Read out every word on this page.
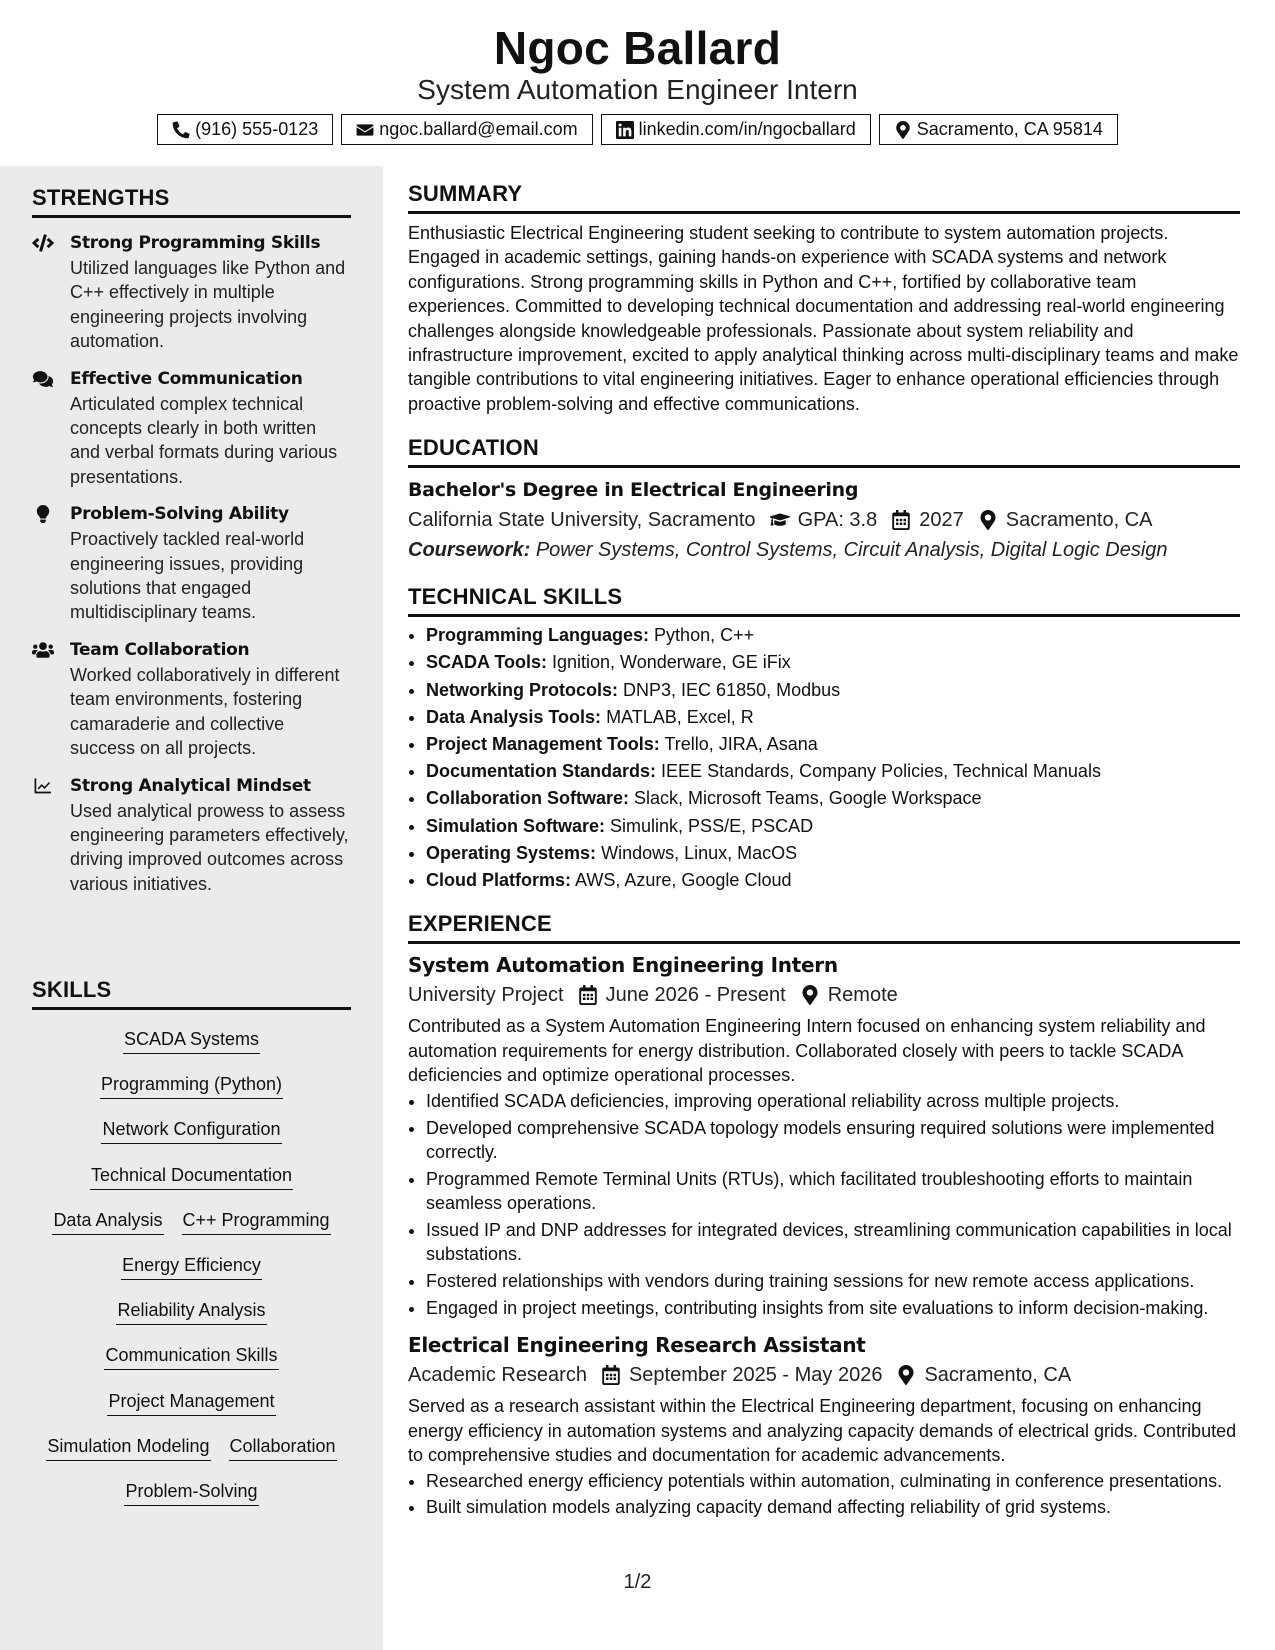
Ngoc Ballard
System Automation Engineer Intern
(916) 555-0123	ngoc.ballard@email.com	linkedin.com/in/ngocballard	Sacramento, CA 95814
STRENGTHS
Strong Programming Skills
Utilized languages like Python and C++ effectively in multiple engineering projects involving automation.
Effective Communication
Articulated complex technical concepts clearly in both written and verbal formats during various presentations.
Problem-Solving Ability
Proactively tackled real-world engineering issues, providing solutions that engaged multidisciplinary teams.
Team Collaboration
Worked collaboratively in different team environments, fostering camaraderie and collective success on all projects.
Strong Analytical Mindset
Used analytical prowess to assess engineering parameters effectively, driving improved outcomes across various initiatives.
SKILLS
SCADA Systems
Programming (Python)
Network Configuration
Technical Documentation
Data Analysis C++ Programming
Energy Efficiency
Reliability Analysis
Communication Skills
Project Management
Simulation Modeling Collaboration
Problem-Solving
SUMMARY
Enthusiastic Electrical Engineering student seeking to contribute to system automation projects. Engaged in academic settings, gaining hands-on experience with SCADA systems and network configurations. Strong programming skills in Python and C++, fortified by collaborative team experiences. Committed to developing technical documentation and addressing real-world engineering challenges alongside knowledgeable professionals. Passionate about system reliability and infrastructure improvement, excited to apply analytical thinking across multi-disciplinary teams and make tangible contributions to vital engineering initiatives. Eager to enhance operational efficiencies through proactive problem-solving and effective communications.
EDUCATION
Bachelor's Degree in Electrical Engineering
California State University, Sacramento GPA: 3.8 2027 Sacramento, CA
Coursework: Power Systems, Control Systems, Circuit Analysis, Digital Logic Design
TECHNICAL SKILLS
• Programming Languages: Python, C++
• SCADA Tools: Ignition, Wonderware, GE iFix
• Networking Protocols: DNP3, IEC 61850, Modbus
• Data Analysis Tools: MATLAB, Excel, R
• Project Management Tools: Trello, JIRA, Asana
• Documentation Standards: IEEE Standards, Company Policies, Technical Manuals
• Collaboration Software: Slack, Microsoft Teams, Google Workspace
• Simulation Software: Simulink, PSS/E, PSCAD
• Operating Systems: Windows, Linux, MacOS
• Cloud Platforms: AWS, Azure, Google Cloud
EXPERIENCE
System Automation Engineering Intern
University Project June 2026 - Present Remote
Contributed as a System Automation Engineering Intern focused on enhancing system reliability and automation requirements for energy distribution. Collaborated closely with peers to tackle SCADA deficiencies and optimize operational processes.
• Identified SCADA deficiencies, improving operational reliability across multiple projects.
• Developed comprehensive SCADA topology models ensuring required solutions were implemented correctly.
• Programmed Remote Terminal Units (RTUs), which facilitated troubleshooting efforts to maintain seamless operations.
• Issued IP and DNP addresses for integrated devices, streamlining communication capabilities in local substations.
• Fostered relationships with vendors during training sessions for new remote access applications.
• Engaged in project meetings, contributing insights from site evaluations to inform decision-making.
Electrical Engineering Research Assistant
Academic Research September 2025 - May 2026 Sacramento, CA
Served as a research assistant within the Electrical Engineering department, focusing on enhancing energy efficiency in automation systems and analyzing capacity demands of electrical grids. Contributed to comprehensive studies and documentation for academic advancements.
• Researched energy efficiency potentials within automation, culminating in conference presentations.
• Built simulation models analyzing capacity demand affecting reliability of grid systems.
1/2
